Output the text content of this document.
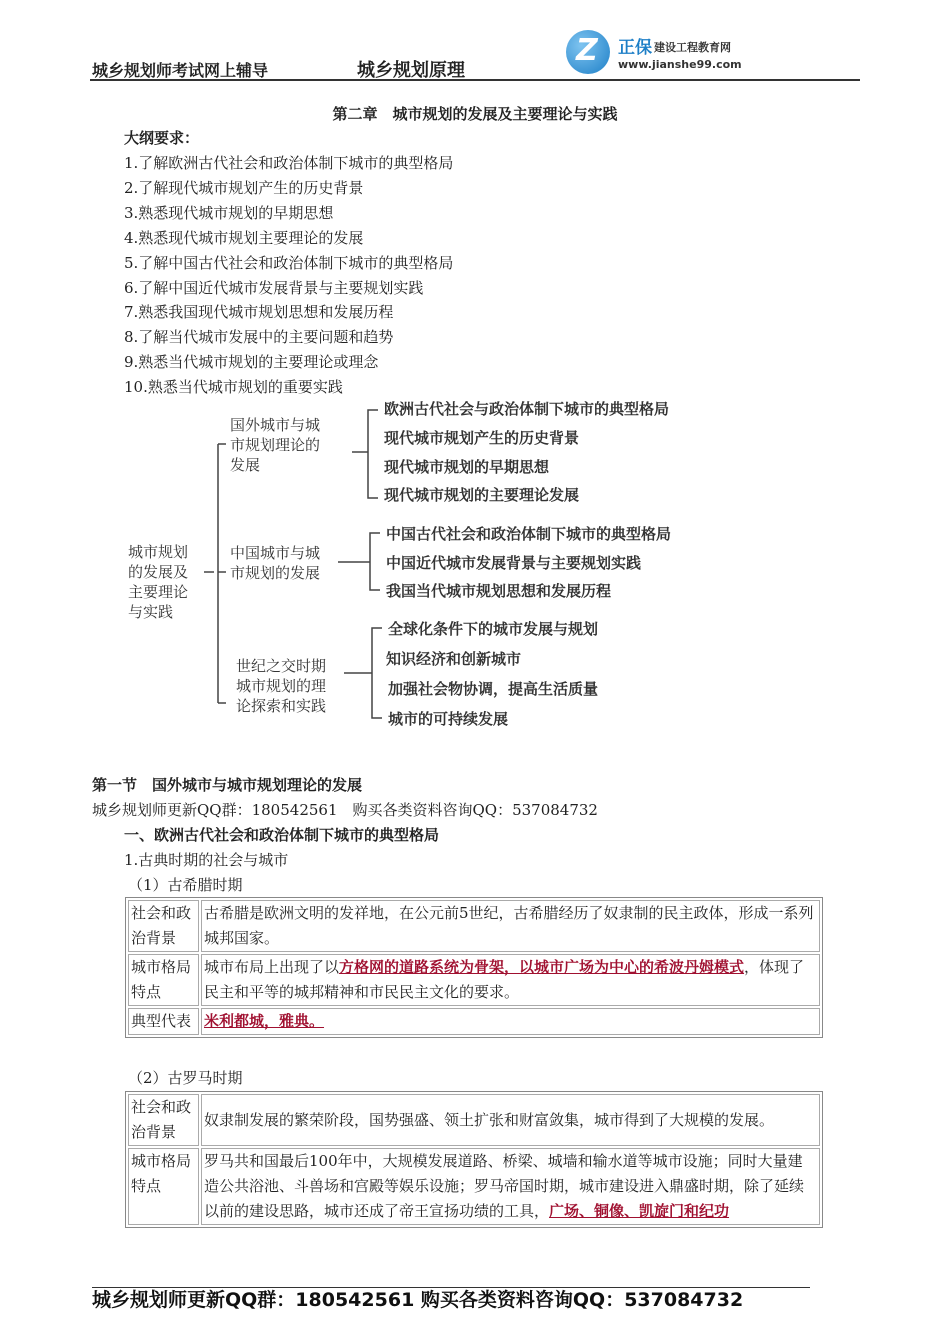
城乡规划师考试网上辅导	城乡规划原理
Z 正保 建设工程教育网
www.jianshe99.com
第二章　城市规划的发展及主要理论与实践
大纲要求：
1.了解欧洲古代社会和政治体制下城市的典型格局
2.了解现代城市规划产生的历史背景
3.熟悉现代城市规划的早期思想
4.熟悉现代城市规划主要理论的发展
5.了解中国古代社会和政治体制下城市的典型格局
6.了解中国近代城市发展背景与主要规划实践
7.熟悉我国现代城市规划思想和发展历程
8.了解当代城市发展中的主要问题和趋势
9.熟悉当代城市规划的主要理论或理念
10.熟悉当代城市规划的重要实践
城市规划
的发展及
主要理论
与实践
国外城市与城
市规划理论的
发展
中国城市与城
市规划的发展
世纪之交时期
城市规划的理
论探索和实践
欧洲古代社会与政治体制下城市的典型格局
现代城市规划产生的历史背景
现代城市规划的早期思想
现代城市规划的主要理论发展
中国古代社会和政治体制下城市的典型格局
中国近代城市发展背景与主要规划实践
我国当代城市规划思想和发展历程
全球化条件下的城市发展与规划
知识经济和创新城市
加强社会物协调，提高生活质量
城市的可持续发展
第一节　国外城市与城市规划理论的发展
城乡规划师更新QQ群：180542561　购买各类资料咨询QQ：537084732
一、欧洲古代社会和政治体制下城市的典型格局
1.古典时期的社会与城市
（1）古希腊时期
社会和政治背景	古希腊是欧洲文明的发祥地，在公元前5世纪，古希腊经历了奴隶制的民主政体，形成一系列城邦国家。
城市格局特点	城市布局上出现了以方格网的道路系统为骨架，以城市广场为中心的希波丹姆模式，体现了民主和平等的城邦精神和市民民主文化的要求。
典型代表	米利都城，雅典。
（2）古罗马时期
社会和政治背景	奴隶制发展的繁荣阶段，国势强盛、领土扩张和财富敛集，城市得到了大规模的发展。
城市格局特点	罗马共和国最后100年中，大规模发展道路、桥梁、城墙和输水道等城市设施；同时大量建造公共浴池、斗兽场和宫殿等娱乐设施；罗马帝国时期，城市建设进入鼎盛时期，除了延续以前的建设思路，城市还成了帝王宣扬功绩的工具，广场、铜像、凯旋门和纪功
城乡规划师更新QQ群：180542561 购买各类资料咨询QQ：537084732
